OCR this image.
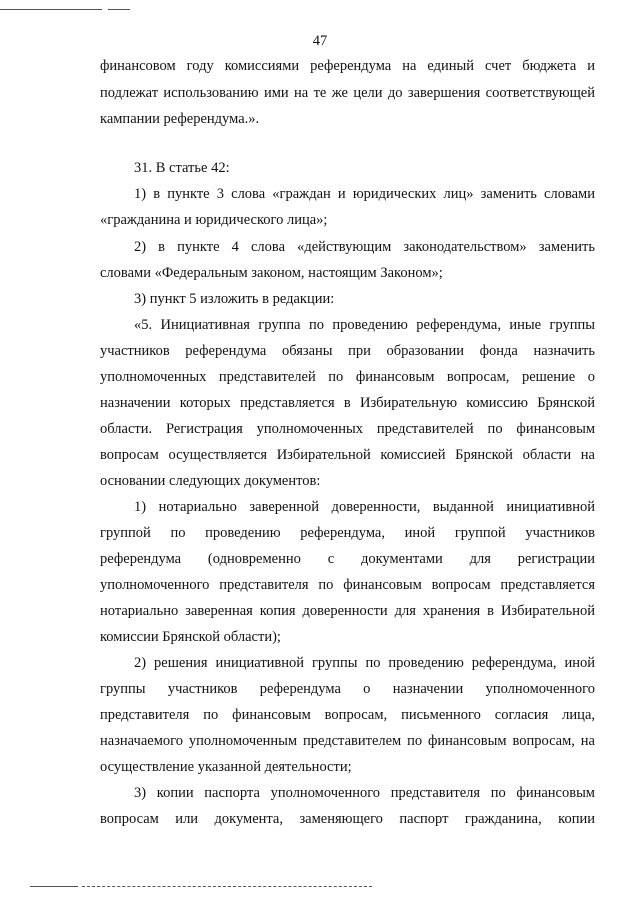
47
финансовом году комиссиями референдума на единый счет бюджета и
подлежат использованию ими на те же цели до завершения соответствующей
кампании референдума.».
31. В статье 42:
1) в пункте 3 слова «граждан и юридических лиц» заменить словами
«гражданина и юридического лица»;
2) в пункте 4 слова «действующим законодательством» заменить
словами «Федеральным законом, настоящим Законом»;
3) пункт 5 изложить в редакции:
«5. Инициативная группа по проведению референдума, иные группы
участников референдума обязаны при образовании фонда назначить
уполномоченных представителей по финансовым вопросам, решение о
назначении которых представляется в Избирательную комиссию Брянской
области. Регистрация уполномоченных представителей по финансовым
вопросам осуществляется Избирательной комиссией Брянской области на
основании следующих документов:
1) нотариально заверенной доверенности, выданной инициативной
группой по проведению референдума, иной группой участников
референдума (одновременно с документами для регистрации
уполномоченного представителя по финансовым вопросам представляется
нотариально заверенная копия доверенности для хранения в Избирательной
комиссии Брянской области);
2) решения инициативной группы по проведению референдума, иной
группы участников референдума о назначении уполномоченного
представителя по финансовым вопросам, письменного согласия лица,
назначаемого уполномоченным представителем по финансовым вопросам, на
осуществление указанной деятельности;
3) копии паспорта уполномоченного представителя по финансовым
вопросам или документа, заменяющего паспорт гражданина, копии
